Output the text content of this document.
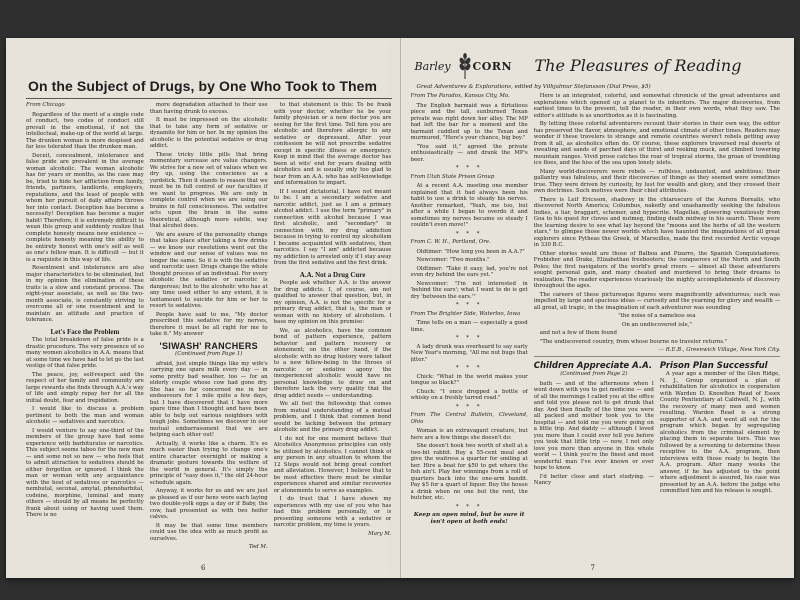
On the Subject of Drugs, by One Who Took to Them

From Chicago

Regardless of the merit of a single code of conduct, two codes of conduct still prevail in the emotional, if not the intellectual, make-up of the world at large. The drunken woman is more despised and far less tolerated than the drunken man.

Deceit, concealment, intolerance and false pride are prevalent in the average woman alcoholic. The woman alcoholic has for years or months, as the case may be, tried to hide her affliction from family, friends, partners, landlords, employers, reputations, and the least of people with whom her pursuit of daily affairs throws her into contact. Deception has become a necessity! Deception has become a major habit! Therefore, it is extremely difficult to wean this group and suddenly realize that complete honesty means new existence — complete honesty meaning the ability to be entirely honest with one's self as well as one's fellow man. It is difficult — but it is a requisite in this way of life.

Resentment and intolerance are also major characteristics to be eliminated, but in my opinion the elimination of these traits is a slow and constant process. The eight-year associate, as well as the two-month associate, is constantly striving to overcome all or one resentment and to maintain an attitude and practice of tolerance.

Let's Face the Problem

The total breakdown of false pride is a drastic procedure. The very presence of so many women alcoholics in A.A. means that at some time we have had to let go the last vestige of that false pride.

The peace, joy, self-respect and the respect of her family and community are large rewards she finds through A.A.'s way of life and simply repay her for all the initial doubt, fear and trepidation.

I would like to discuss a problem pertinent to both the man and woman alcoholic — sedatives and narcotics.

I would venture to say one-third of the members of the group have had some experience with barbiturates or narcotics. This subject seems taboo for the new man — and some not so new — who feels that to admit attraction to sedatives should be either forgotten or ignored. I think the man or woman with any acquaintance with the host of sedatives or narcotics — nembutal, seconal, amytal, phenobarbital, codeine, morphine, luminal and many others — should by all means be perfectly frank about using or having used them. There is no

more degradation attached to their use than having drunk to excess.

It must be impressed on the alcoholic that to take any form of sedative or dynamite for him or her. In my opinion the alcoholic is the potential sedative or drug addict.

These tricky little pills that bring momentary surcease are value changers. We strive for a new set of values when we dry up, using the conscience as a yardstick. Then it stands to reason that we must be in full control of our faculties if we want to progress. We are only in complete control when we are using our brains in full consciousness. The sedative acts upon the brain in the same theoretical, although more subtle, way that alcohol does.

We are aware of the personality change that takes place after taking a few drinks — we know our resolutions went out the window and our sense of values was no longer the same. So it is with the sedative and narcotic user. Drugs change the whole thought process of an individual. For every alcoholic the sedative or narcotic is dangerous; but to the alcoholic who has at any time used either to any extent, it is tantamount to suicide for him or her to resort to sedatives.

People have said to me, "My doctor prescribed this sedative for my nerves, therefore it must be all right for me to take it." My answer

'SIWASH' RANCHERS

(Continued from Page 1)

afraid, just simple things like my wife's carrying one spare milk every day — in some pretty bad weather, too — for an elderly couple whose cow had gone dry. She has so far concerned me in her endeavours for 1 mile quite a few days, but I have discovered that I have more spare time than I thought and have been able to help out various neighbors with tough jobs. Sometimes we discover in our mutual embarrassment that we are helping each other out!

Actually, it works like a charm. It's so much easier than trying to change one's entire character overnight or making a dramatic gesture towards the welfare of the world in general. It's simply the principle of "easy does it," the old 24-hour schedule again.

Anyway, it works for us and we are just as pleased as if our hens were each laying two double-yolk eggs a day or if Baby, the cow, had presented us with two heifer calves.

It may be that some time members could use the idea with as much profit as ourselves.

Ted M.

to that statement is this: To be frank with your doctor, whether he be your family physician or a new doctor you are seeing for the first time. Tell him you are alcoholic and therefore allergic to any sedative or depressant. After your confession he will not prescribe sedative except in specific illness or emergency. Keep in mind that the average doctor has been at wits' end for years dealing with alcoholics and is usually only too glad to hear from an A.A. who has self-knowledge and information to impart.

If I sound dictatorial, I have not meant to be. I am a secondary sedative and narcotic addict, just as I am a primary alcohol addict. I use the term "primary" in connection with alcohol because I was first alcoholic, and "secondary" in connection with my drug addiction because in trying to control my alcoholism I became acquainted with sedatives, then narcotics. I say "I am" addicted because my addiction is arrested only if I stay away from the first sedative and the first drink.

A.A. Not a Drug Cure

People ask whether A.A. is the answer for drug addicts. I, of course, am not qualified to answer that question, but, in my opinion, A.A. is not the specific for a primary drug addict, that is, the man or woman with no history of alcoholism. I base my opinion on this premise:

We, as alcoholics, have the common bond of pattern experience, pattern behavior and pattern recovery or atonement; on the other hand, if the alcoholic with no drug history were talked to a new fellow-being in the throes of narcotic or sedative agony the inexperienced alcoholic would have no personal knowledge to draw on and therefore lack the very quality that the drug addict needs — understanding.

We all feel the fellowship that comes from mutual understanding of a mutual problem, and I think that common bond would be lacking between the primary alcoholic and the primary drug addict.

I do not for one moment believe that Alcoholics Anonymous principles can only be utilized by alcoholics. I cannot think of any person in any situation to whom the 12 Steps would not bring great comfort and alleviation. However, I believe that to be most effective there must be similar experiences shared and similar recoveries or atonements to serve as examples.

I do trust that I have shown my experiences with my use of you who has had this problem personally, or is presenting someone with a sedative or narcotic problem, my time is yours.

Mary M.

6
Barley CORN The Pleasures of Reading
Great Adventures & Explorations, edited by Vilhjalmur Stefansson (Dial Press, $5)

From The Paradox, Kansas City, Mo.

The English barmaid was a flirtatious piece and the tall, sunburned Texan private was right down her alley. The MP had left the bar for a moment and the barmaid cuddled up to the Texan and murmured, "Here's your chance, big boy."

"You said it," agreed the private enthusiastically — and drank the MP's beer.

* * *

From Utah State Prison Group

At a recent A.A. meeting one member explained that it had always been his habit to use a drink to steady his nerves. Another remarked, "Yeah, me too, but after a while I began to overdo it and sometimes my nerves became so steady I couldn't even move!"

* * *

From C. W. H., Portland, Ore.

Oldtimer: "How long you been in A.A.?"

Newcomer: "Two months."

Oldtimer: "Take it easy, lad, you're not even dry behind the ears yet."

Newcomer: "I'm not interested in 'behind the ears'; what I want to do is get dry 'between the ears.'"

* * *

From The Brighter Side, Waterloo, Iowa

Time tells on a man — especially a good time.

* * *

A lady drunk was overheard to say early New Year's morning, "All me nut bugs that jitter."

* * *

Chick: "What in the world makes your tongue so black?"

Chuck: "I once dropped a bottle of whisky on a freshly tarred road."

* * *

From The Central Bulletin, Cleveland, Ohio

Woman is an extravagant creature, but here are a few things she doesn't do:

She doesn't hook two worth of shell at a two-bit rabbit. Buy a 55-cent meal and give the waitress a quarter for smiling at her. Hire a boat for $50 to get where the fish ain't. Play her winnings from a roll of quarters back into the one-arm bandit. Pay $5 for a quart of liquor. Buy the house a drink when no one but the rent, the butcher, etc.

* * *

Keep an open mind, but be sure it isn't open at both ends!

Here is an integrated, colorful, and somewhat chronicle of the great adventures and explorations which opened up a planet to its inheritors. The major discoveries, from earliest times to the present, tell the reader, in their own words, what they saw. The editor's attitude is as unorthodox as it is fascinating.

By letting these colorful adventurers recount their stories in their own way, the editor has preserved the flavor, atmosphere, and emotional climate of other times. Readers may wonder if these travelers to strange and remote countries weren't rebels getting away from it all, as alcoholics often do. Of course, these explorers traversed real deserts of sweating and sands of parched days of thirst and reeking muck, and climbed towering mountain ranges. Vivid prose catches the roar of tropical storms, the groan of trembling ice floes, and the hiss of the sea upon lonely islets.

Many world-discoverers were rebels — ruthless, undaunted, and ambitious; their gallantry was fabulous, and their discoveries of things as they seemed were sometimes true. They were driven by curiosity, by lust for wealth and glory, and they crossed their own doctrines. Such motives were their chief attributes.

There is Leif Ericsson, shadowy in the chiaroscuro of the Aurora Borealis, who discovered North America; Columbus, nakedly and unashamedly seeking the fabulous Indies, a liar, braggart, schemer, and hypocrite. Magellan, glowering vexatiously from Goa to his quest for cloves and nutmeg, finding death midway in his search. These were the learning desire to see what lay beyond the "moons and the herbs of all the western stars," to glimpse those newer worlds which have haunted the imaginations of all great explorers since Pytheas the Greek, of Marseilles, made the first recorded Arctic voyage in 330 B.C.

Other stories would are those of Balboa and Pizarro, the Spanish Conquistadores; Frobisher and Drake, Elizabethan freebooters; the conquerors of the North and South Poles; the first navigators of the world's great rivers — almost all these adventurers sought personal gain, and many cheated and murdered to bring their dreams to realization. The reader experiences vicariously the mighty accomplishments of discovery throughout the ages.

The careers of these picturesque figures were magnificently adventurous; such was impelled by large and spacious ideas — curiosity and the yearning for glory and wealth — all great, all tragic, in the imagination of each adventurer was sounding

"the noise of a nameless sea

On an undiscovered isle,"

and not a few of them found

"The undiscovered country, from whose bourne no traveler returns."

— R.E.B., Greenwich Village, New York City.

Children Appreciate A.A.

(Continued from Page 2)

bath — and of the afternoons when I went down with you to get medicine — and of all the mornings I called you at the office and told you please not to get drunk that day. And then finally of the time you were all packed and mother took you to the hospital — and told me you were going on a little trip. And daddy — although I loved you more than I could ever tell you before you took that little trip — now, I not only love you more than anyone in this whole world — I think you're the finest and most wonderful man I've ever known or ever hope to know.

I'd better close and start studying. — Nancy

Prison Plan Successful

A year ago a member of the Glen Ridge, N. J., Group organized a plan of rehabilitation for alcoholics in cooperation with Warden D. Knowlton Read of Essex County Penitentiary at Caldwell, N. J., with the recovery of many men and women resulting. Warden Read is a strong supporter of A.A. and went all out for the program which began by segregating alcoholics from the criminal element by placing them in separate tiers. This was followed by a screening to determine those receptive to the A.A. program, then interviews with those ready to begin the A.A. program. After many weeks the answer, if he has adjusted to the point where adjustment is assured, his case was presented by an A.A. before the judge who committed him and his release is sought.

7
